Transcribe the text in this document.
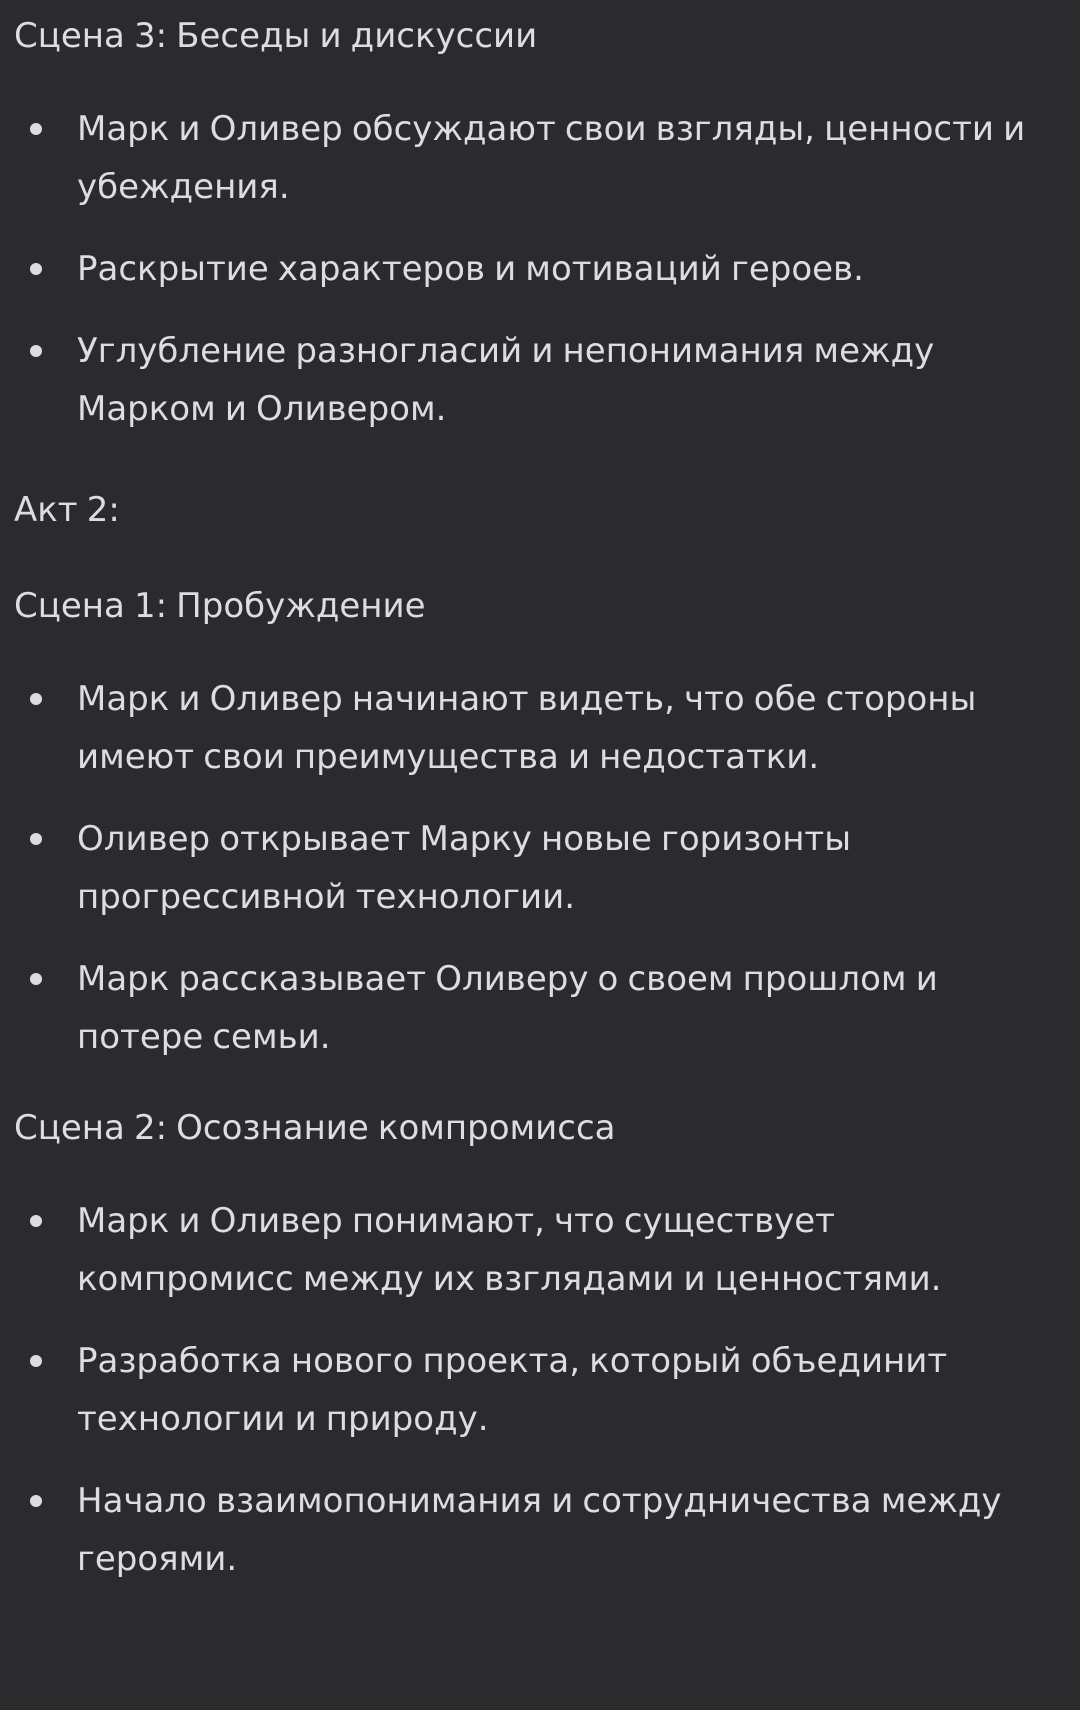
Сцена 3: Беседы и дискуссии

Марк и Оливер обсуждают свои взгляды, ценности и убеждения.
Раскрытие характеров и мотиваций героев.
Углубление разногласий и непонимания между Марком и Оливером.

Акт 2:

Сцена 1: Пробуждение

Марк и Оливер начинают видеть, что обе стороны имеют свои преимущества и недостатки.
Оливер открывает Марку новые горизонты прогрессивной технологии.
Марк рассказывает Оливеру о своем прошлом и потере семьи.

Сцена 2: Осознание компромисса

Марк и Оливер понимают, что существует компромисс между их взглядами и ценностями.
Разработка нового проекта, который объединит технологии и природу.
Начало взаимопонимания и сотрудничества между героями.
